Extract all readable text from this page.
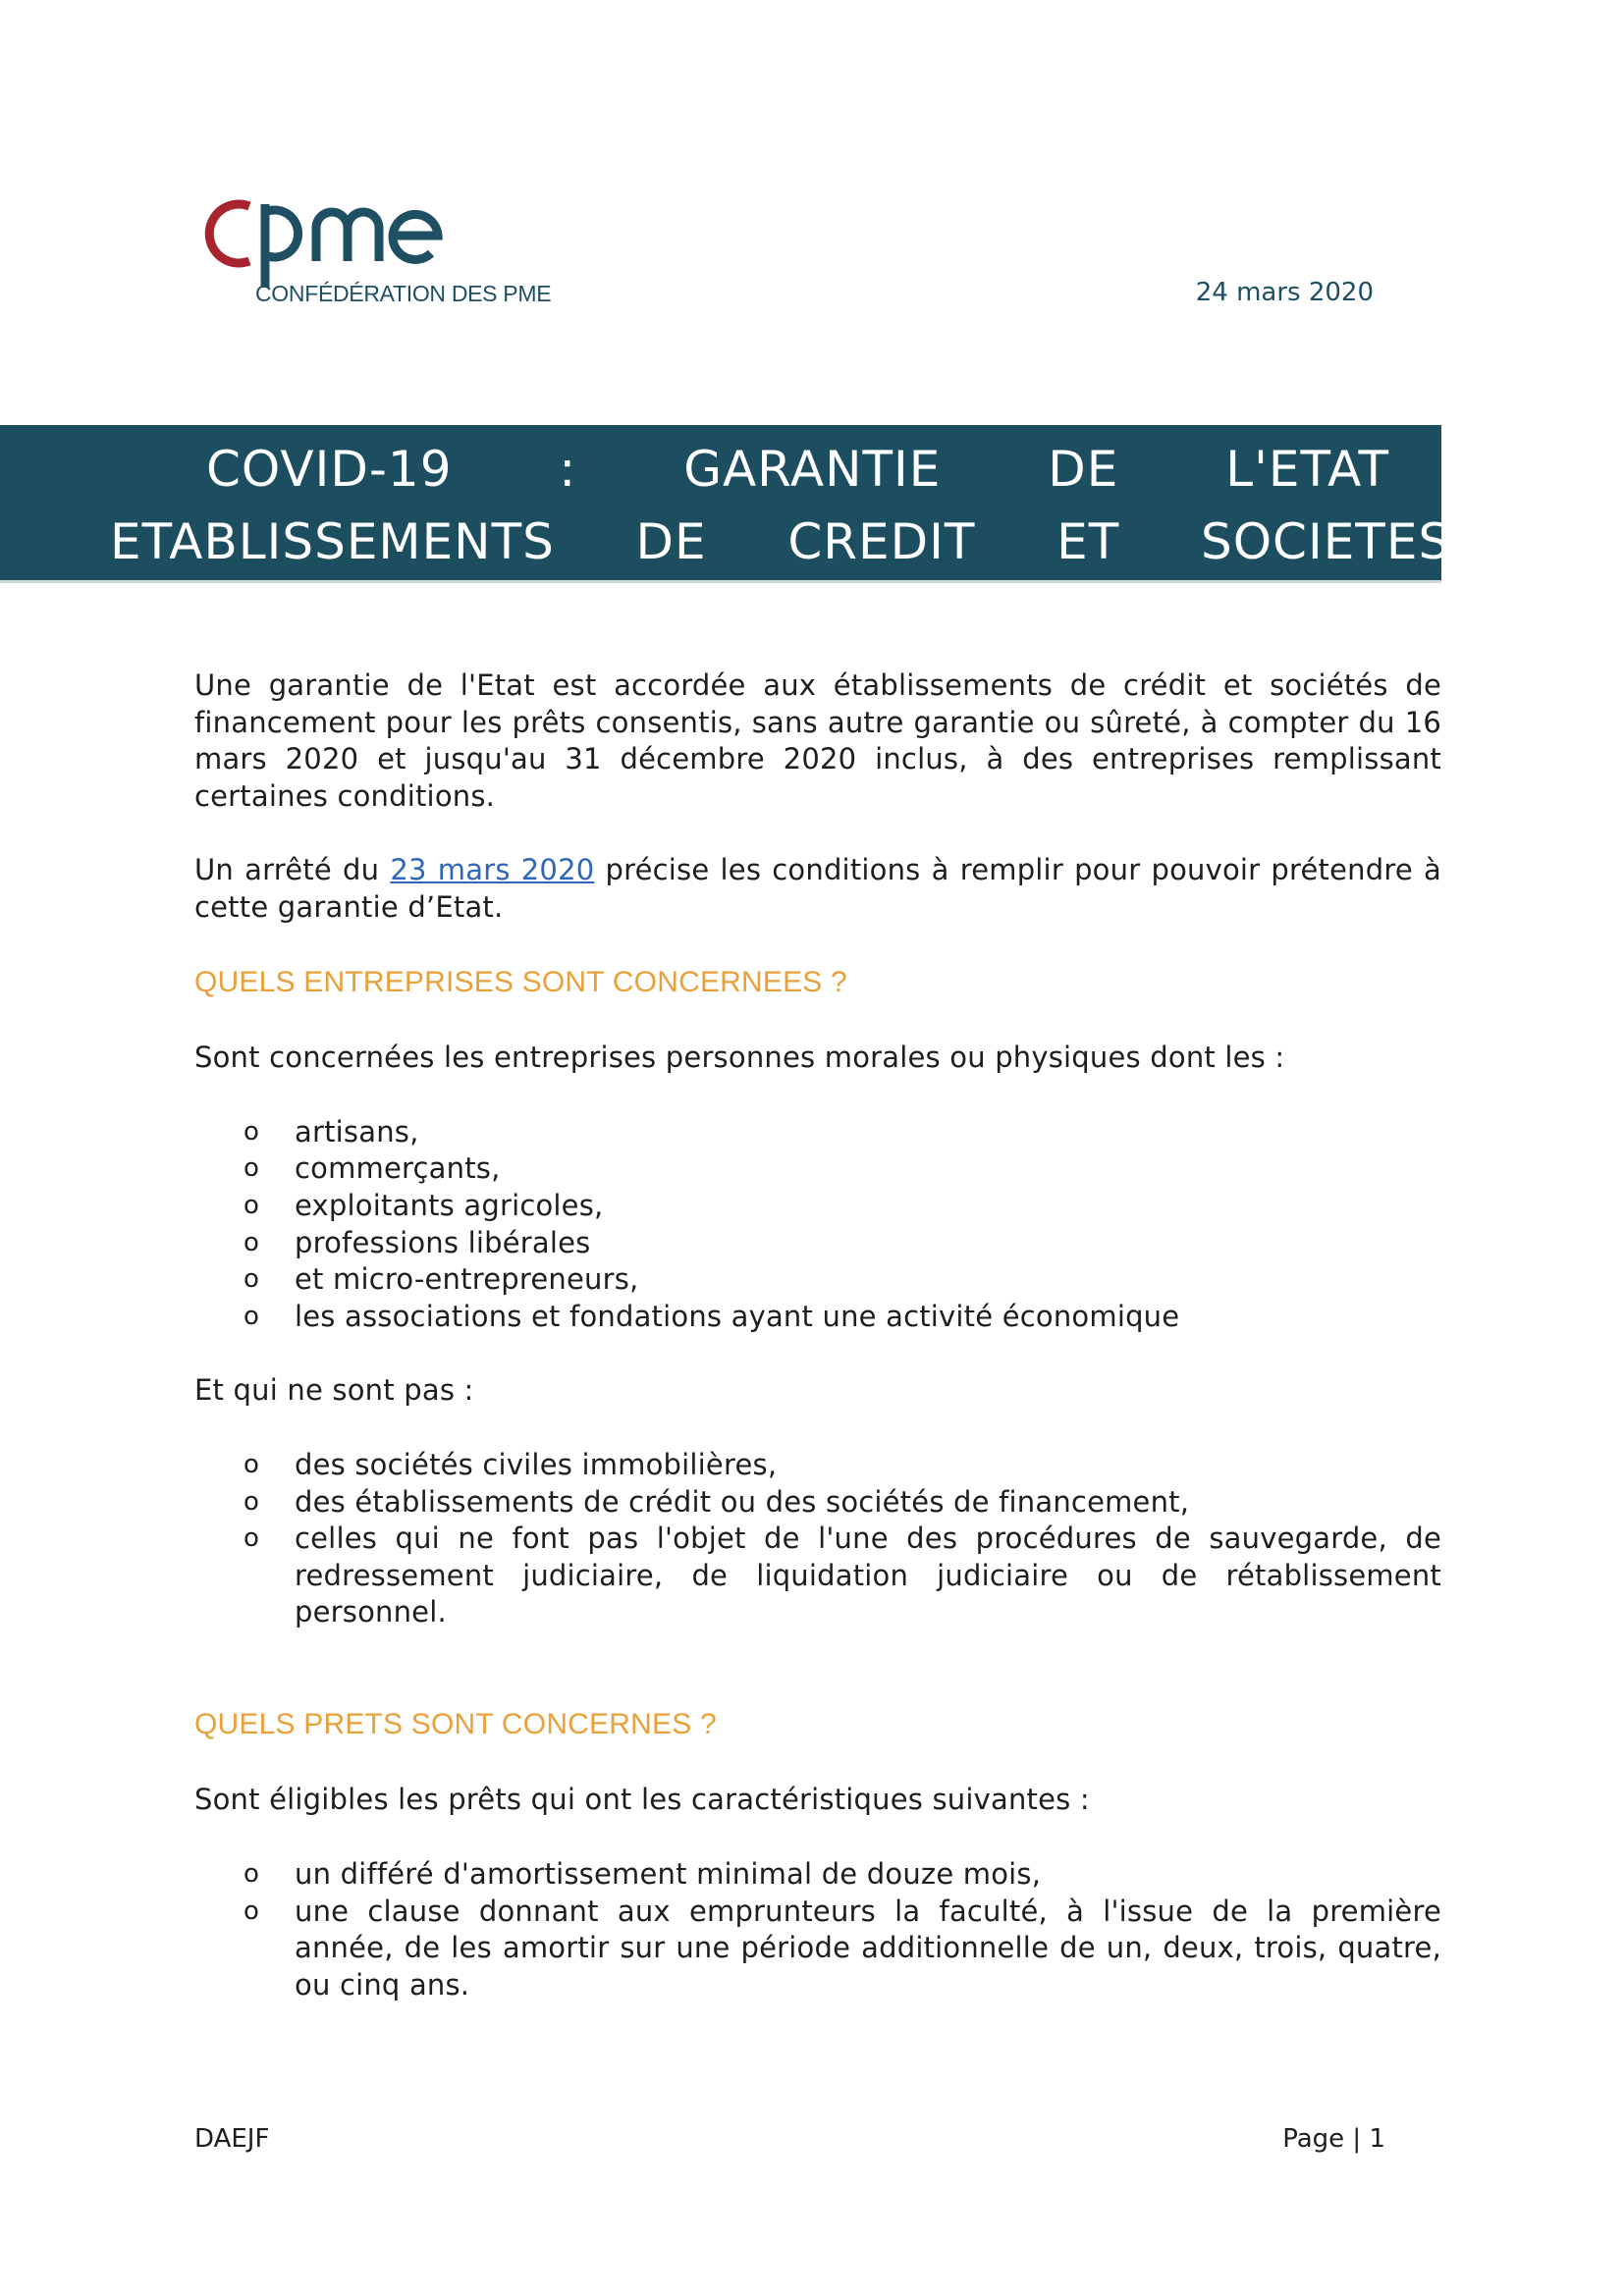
CONFÉDÉRATION DES PME	24 mars 2020
COVID-19 : GARANTIE DE L'ETAT AUX
ETABLISSEMENTS DE CREDIT ET SOCIETES DE

Une garantie de l'Etat est accordée aux établissements de crédit et sociétés de financement pour les prêts consentis, sans autre garantie ou sûreté, à compter du 16 mars 2020 et jusqu'au 31 décembre 2020 inclus, à des entreprises remplissant certaines conditions.

Un arrêté du 23 mars 2020 précise les conditions à remplir pour pouvoir prétendre à cette garantie d’Etat.

QUELS ENTREPRISES SONT CONCERNEES ?

Sont concernées les entreprises personnes morales ou physiques dont les :

o artisans,
o commerçants,
o exploitants agricoles,
o professions libérales
o et micro-entrepreneurs,
o les associations et fondations ayant une activité économique

Et qui ne sont pas :

o des sociétés civiles immobilières,
o des établissements de crédit ou des sociétés de financement,
o celles qui ne font pas l'objet de l'une des procédures de sauvegarde, de redressement judiciaire, de liquidation judiciaire ou de rétablissement personnel.
QUELS PRETS SONT CONCERNES ?

Sont éligibles les prêts qui ont les caractéristiques suivantes :

o un différé d'amortissement minimal de douze mois,
o une clause donnant aux emprunteurs la faculté, à l'issue de la première année, de les amortir sur une période additionnelle de un, deux, trois, quatre, ou cinq ans.
DAEJF	Page | 1
